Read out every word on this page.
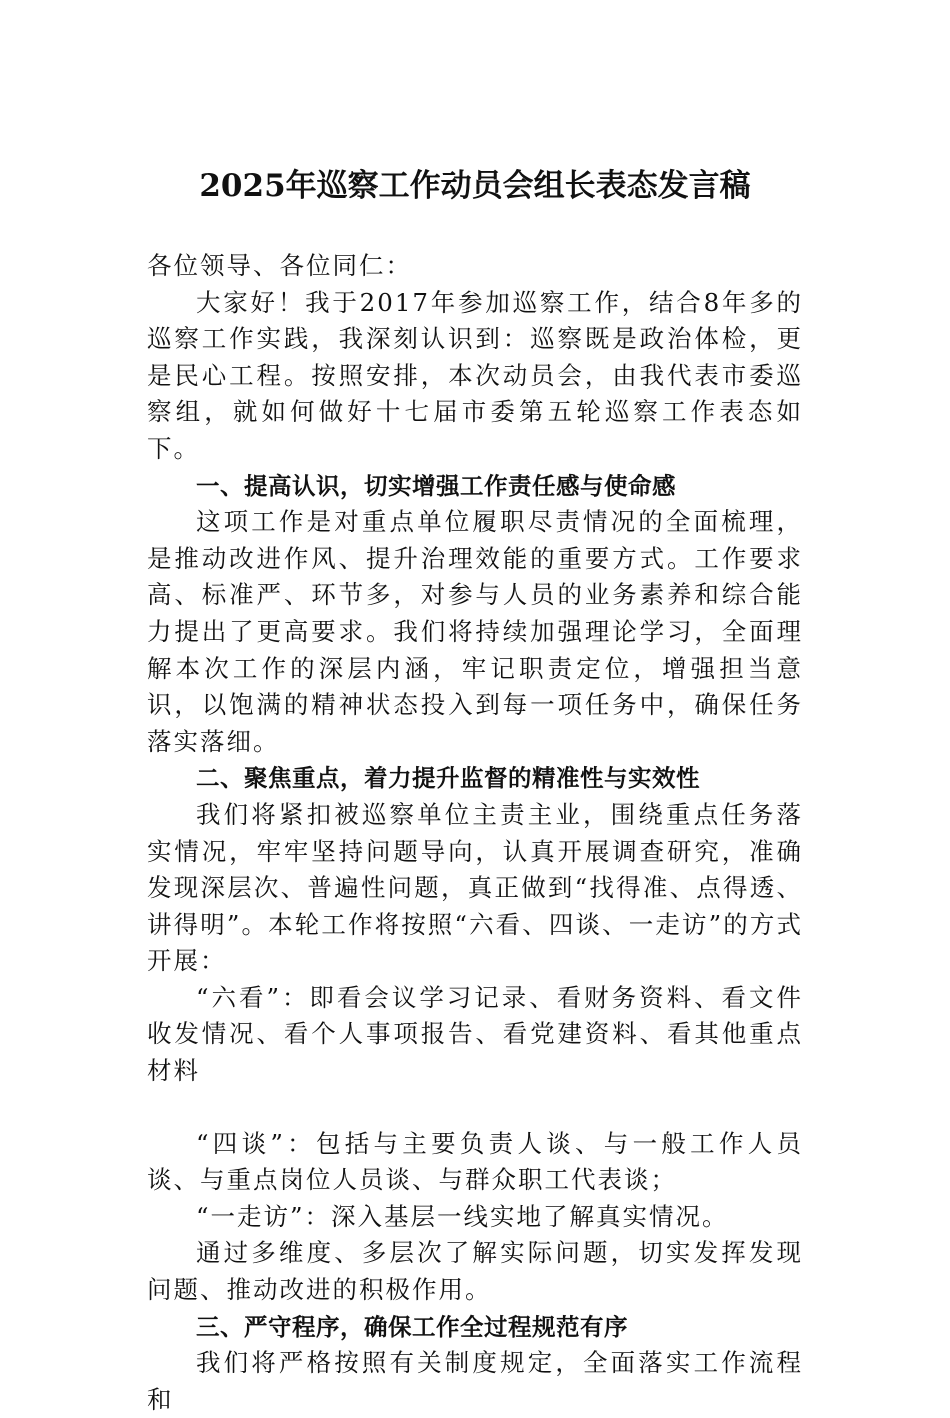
2025年巡察工作动员会组长表态发言稿

各位领导、各位同仁：

大家好！我于2017年参加巡察工作，结合8年多的巡察工作实践，我深刻认识到：巡察既是政治体检，更是民心工程。按照安排，本次动员会，由我代表市委巡察组，就如何做好十七届市委第五轮巡察工作表态如下。

一、提高认识，切实增强工作责任感与使命感

这项工作是对重点单位履职尽责情况的全面梳理，是推动改进作风、提升治理效能的重要方式。工作要求高、标准严、环节多，对参与人员的业务素养和综合能力提出了更高要求。我们将持续加强理论学习，全面理解本次工作的深层内涵，牢记职责定位，增强担当意识，以饱满的精神状态投入到每一项任务中，确保任务落实落细。

二、聚焦重点，着力提升监督的精准性与实效性

我们将紧扣被巡察单位主责主业，围绕重点任务落实情况，牢牢坚持问题导向，认真开展调查研究，准确发现深层次、普遍性问题，真正做到“找得准、点得透、讲得明”。本轮工作将按照“六看、四谈、一走访”的方式开展：

“六看”：即看会议学习记录、看财务资料、看文件收发情况、看个人事项报告、看党建资料、看其他重点材料

“四谈”：包括与主要负责人谈、与一般工作人员谈、与重点岗位人员谈、与群众职工代表谈；

“一走访”：深入基层一线实地了解真实情况。

通过多维度、多层次了解实际问题，切实发挥发现问题、推动改进的积极作用。

三、严守程序，确保工作全过程规范有序

我们将严格按照有关制度规定，全面落实工作流程和
